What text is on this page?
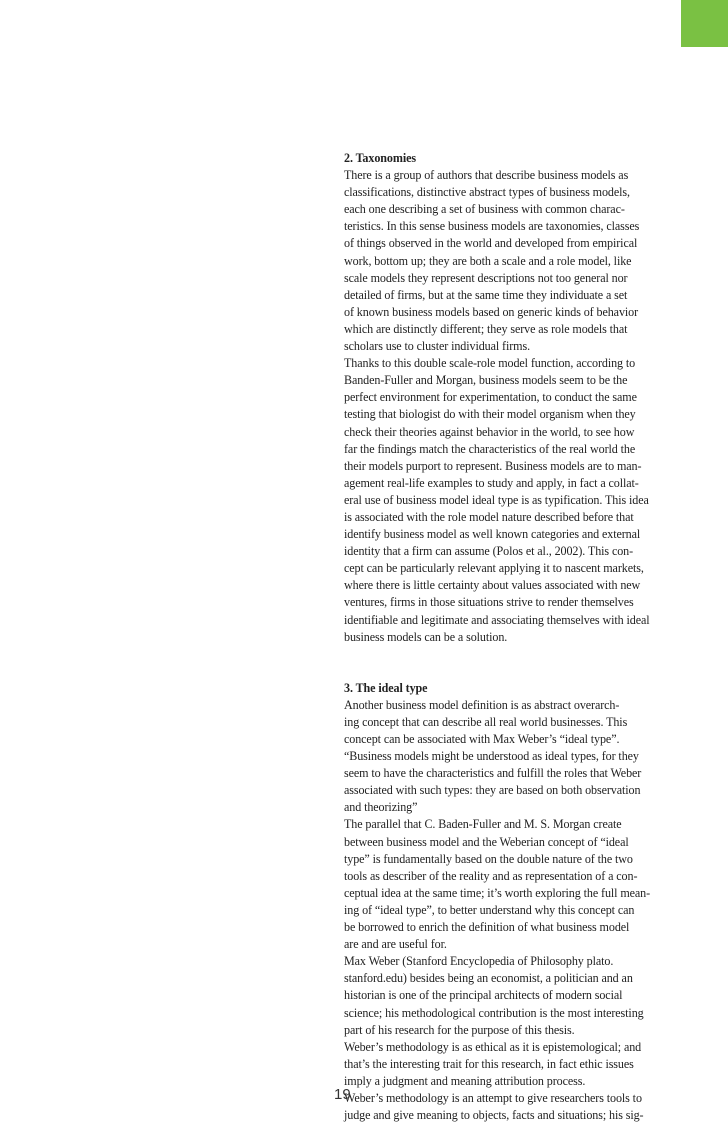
2. Taxonomies
There is a group of authors that describe business models as
classifications, distinctive abstract types of business models,
each one describing a set of business with common charac-
teristics. In this sense business models are taxonomies, classes
of things observed in the world and developed from empirical
work, bottom up; they are both a scale and a role model, like
scale models they represent descriptions not too general nor
detailed of firms, but at the same time they individuate a set
of known business models based on generic kinds of behavior
which are distinctly different; they serve as role models that
scholars use to cluster individual firms.
Thanks to this double scale-role model function, according to
Banden-Fuller and Morgan, business models seem to be the
perfect environment for experimentation, to conduct the same
testing that biologist do with their model organism when they
check their theories against behavior in the world, to see how
far the findings match the characteristics of the real world the
their models purport to represent. Business models are to man-
agement real-life examples to study and apply, in fact a collat-
eral use of business model ideal type is as typification. This idea
is associated with the role model nature described before that
identify business model as well known categories and external
identity that a firm can assume (Polos et al., 2002). This con-
cept can be particularly relevant applying it to nascent markets,
where there is little certainty about values associated with new
ventures, firms in those situations strive to render themselves
identifiable and legitimate and associating themselves with ideal
business models can be a solution.
3. The ideal type
Another business model definition is as abstract overarch-
ing concept that can describe all real world businesses. This
concept can be associated with Max Weber’s “ideal type”.
“Business models might be understood as ideal types, for they
seem to have the characteristics and fulfill the roles that Weber
associated with such types: they are based on both observation
and theorizing”
The parallel that C. Baden-Fuller and M. S. Morgan create
between business model and the Weberian concept of “ideal
type” is fundamentally based on the double nature of the two
tools as describer of the reality and as representation of a con-
ceptual idea at the same time; it’s worth exploring the full mean-
ing of “ideal type”, to better understand why this concept can
be borrowed to enrich the definition of what business model
are and are useful for.
Max Weber (Stanford Encyclopedia of Philosophy plato.
stanford.edu) besides being an economist, a politician and an
historian is one of the principal architects of modern social
science; his methodological contribution is the most interesting
part of his research for the purpose of this thesis.
Weber’s methodology is as ethical as it is epistemological; and
that’s the interesting trait for this research, in fact ethic issues
imply a judgment and meaning attribution process.
Weber’s methodology is an attempt to give researchers tools to
judge and give meaning to objects, facts and situations; his sig-
19
